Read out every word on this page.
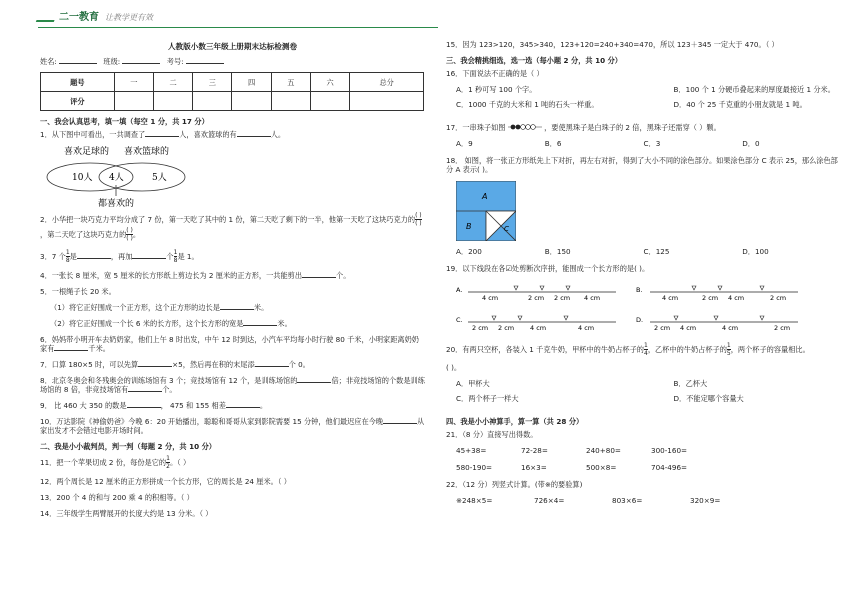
二一教育 让教学更有效
人教版小数三年级上册期末达标检测卷
姓名:	班级:	考号:
题号	一	二	三	四	五	六	总分
评分							
一、我会认真思考，填一填（每空 1 分，共 17 分）
1．从下图中可看出，一共调查了	人，喜欢篮球的有	人。
喜欢足球的 喜欢篮球的
10人 4人	5人
都喜欢的
2．小华把一块巧克力平均分成了 7 份，第一天吃了其中的 1 份，第二天吃了剩下的一半，他第一天吃了这块巧克力的 $\frac{( )}{( )}$
，第二天吃了这块巧克力的 $\frac{( )}{( )}$ 。
3．7 个 $\frac{1}{8}$ 是	，再加	个 $\frac{1}{8}$ 是 1。
4．一张长 8 厘米，宽 5 厘米的长方形纸上剪边长为 2 厘米的正方形，一共能剪出	个。
5．一根绳子长 20 米。
（1）将它正好围成一个正方形，这个正方形的边长是	米。
（2）将它正好围成一个长 6 米的长方形，这个长方形的宽是	米。
6．妈妈带小明开车去奶奶家，他们上午 8 时出发，中午 12 时到达，小汽车平均每小时行驶 80 千米，小明家距离奶奶家有	千米。
7．口算 180×5 时，可以先算	×5，然后再在积的末尾添	个 0。
8．北京冬奥会和冬残奥会的训练场馆有 3 个；竞技场馆有 12 个，是训练场馆的	倍；非竞技场馆的个数是训练场馆的 8 倍，非竞技场馆有	个。
9． 比 460 大 350 的数是	， 475 和 155 相差	。
10．万达影院《神偷奶爸》今晚 6：20 开始播出，聪聪和哥哥从家到影院需要 15 分钟，他们最迟应在今晚	从家出发才不会错过电影开场时间。
二、我是小小裁判员，判一判（每题 2 分，共 10 分）
11．把一个苹果切成 2 份，每份是它的 $\frac{1}{2}$ 。（ ）
12．两个周长是 12 厘米的正方形拼成一个长方形，它的周长是 24 厘米。（ ）
13．200 个 4 的和与 200 乘 4 的积相等。（ ）
14．三年级学生两臂展开的长度大约是 13 分米。（ ）
15．因为 123>120，345>340，123+120=240+340=470，所以 123＋345 一定大于 470。（ ）
三、我会精挑细选，选一选（每小题 2 分，共 10 分）
16．下面说法不正确的是（ ）
A．1 秒可写 100 个字。	B．100 个 1 分硬币叠起来的厚度最接近 1 分米。
C．1000 千克的大米和 1 吨的石头一样重。	D．40 个 25 千克重的小朋友就是 1 吨。
17．一串珠子如图	，要使黑珠子是白珠子的 2 倍，黑珠子还需穿（ ）颗。
A．9	B．6	C．3	D．0
18． 如图，将一张正方形纸先上下对折，再左右对折，得到了大小不同的涂色部分。如果涂色部分 C 表示 25，那么涂色部分 A 表示( )。
A
B	C
A．200	B．150	C．125	D．100
19．以下线段在各☑处剪断次序拼，能围成一个长方形的是( )。
A.
4 cm	2 cm 2 cm 4 cm
B.
4 cm	2 cm 4 cm	2 cm
C.
2 cm 2 cm 4 cm	4 cm
D.
2 cm 4 cm	4 cm	2 cm
20．有两只空杯，各装入 1 千克牛奶，甲杯中的牛奶占杯子的 $\frac{1}{4}$ ，乙杯中的牛奶占杯子的 $\frac{1}{5}$ ，两个杯子的容量相比。
( )。
A．甲杯大	B．乙杯大
C．两个杯子一样大	D．不能定哪个容量大
四、我是小小神算手，算一算（共 28 分）
21．（8 分）直接写出得数。
45+38=	72-28=	240+80=	300-160=
580-190=	16×3=	500×8=	704-496=
22．（12 分）列竖式计算。(带※的要验算)
※248×5=	726×4=	803×6=	320×9=
